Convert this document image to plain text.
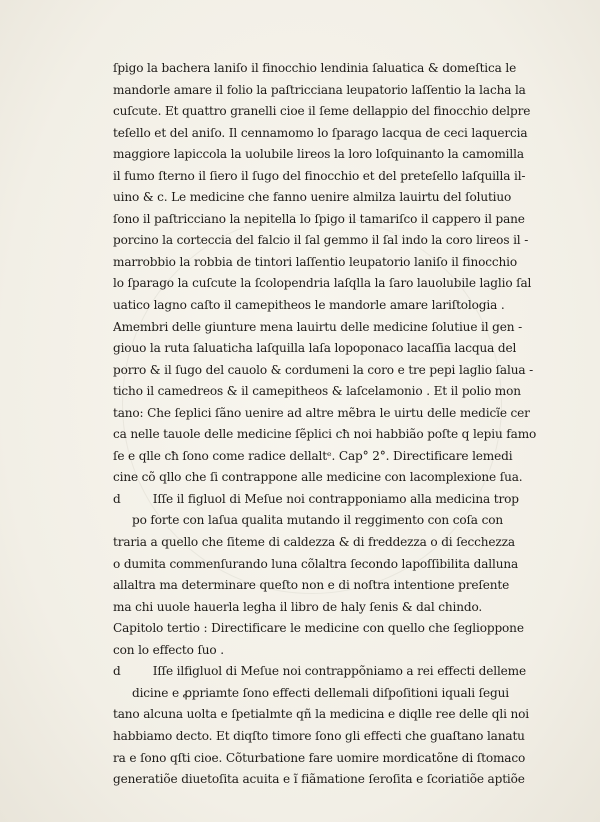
ſpigo la bachera laniſo il finocchio lendinia ſaluatica & domeſtica le
mandorle amare il folio la paſtricciana leupatorio laſſentio la lacha la
cuſcute. Et quattro granelli cioe il ſeme dellappio del finocchio delpre
teſello et del aniſo. Il cennamomo lo ſparago lacqua de ceci laquercia
maggiore lapiccola la uolubile lireos la loro loſquinanto la camomilla
il fumo ſterno il ſiero il ſugo del finocchio et del preteſello laſquilla il-
uino & c. Le medicine che fanno uenire almilza lauirtu del ſolutiuo
ſono il paſtricciano la nepitella lo ſpigo il tamariſco il cappero il pane
porcino la corteccia del falcio il ſal gemmo il ſal indo la coro lireos il -
marrobbio la robbia de tintori laſſentio leupatorio laniſo il finocchio
lo ſparago la cuſcute la ſcolopendria laſqlla la ſaro lauolubile laglio ſal
uatico lagno caſto il camepitheos le mandorle amare lariſtologia .
Amembri delle giunture mena lauirtu delle medicine ſolutiue il gen -
giouo la ruta ſaluaticha laſquilla laſa lopoponaco lacaſſia lacqua del
porro & il ſugo del cauolo & cordumeni la coro e tre pepi laglio ſalua -
ticho il camedreos & il camepitheos & laſcelamonio . Et il polio mon
tano: Che ſeplici ſãno uenire ad altre mẽbra le uirtu delle medicĩe cer
ca nelle tauole delle medicine ſẽplici cħ noi habbião poſte q lepiu famo
ſe e qlle cħ ſono come radice dellaltᵉ. Cap° 2°. Directificare lemedi
cine cõ qllo che ſi contrappone alle medicine con lacomplexione ſua.
d	Iſſe il figluol di Meſue noi contrapponiamo alla medicina trop
po forte con laſua qualita mutando il reggimento con coſa con
traria a quello che ſiteme di caldezza & di freddezza o di ſecchezza
o dumita commenſurando luna cõlaltra ſecondo lapoſſibilita dalluna
allaltra ma determinare queſto non e di noſtra intentione preſente
ma chi uuole hauerla legha il libro de haly ſenis & dal chindo.
Capitolo tertio : Directificare le medicine con quello che ſeglioppone
con lo effecto ſuo .
d	Iſſe ilfigluol di Meſue noi contrappõniamo a rei effecti delleme
dicine e ꝓpriamte ſono effecti dellemali diſpoſitioni iquali ſegui
tano alcuna uolta e ſpetialmte qñ la medicina e diqlle ree delle qli noi
habbiamo decto. Et diqſto timore ſono gli effecti che guaſtano lanatu
ra e ſono qſti cioe. Cõturbatione fare uomire mordicatõne di ſtomaco
generatiõe diuetoſita acuita e ĩ fiãmatione ſeroſita e ſcoriatiõe aptiõe
